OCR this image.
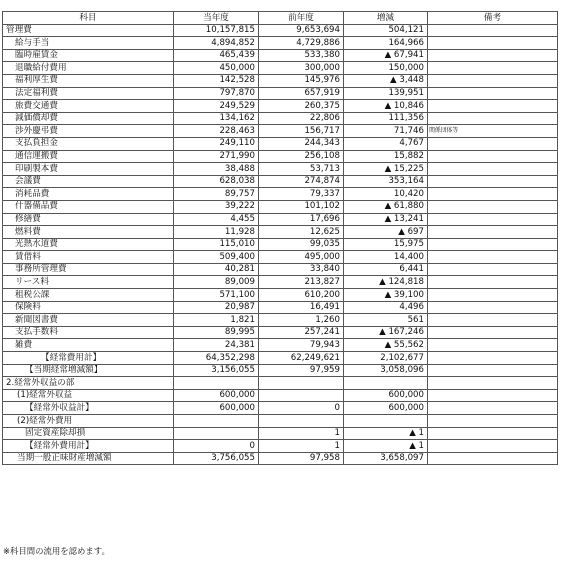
科目	当年度	前年度	増減	備考
管理費	10,157,815	9,653,694	504,121	
給与手当	4,894,852	4,729,886	164,966	
臨時雇賃金	465,439	533,380	▲ 67,941	
退職給付費用	450,000	300,000	150,000	
福利厚生費	142,528	145,976	▲ 3,448	
法定福利費	797,870	657,919	139,951	
旅費交通費	249,529	260,375	▲ 10,846	
減価償却費	134,162	22,806	111,356	
渉外慶弔費	228,463	156,717	71,746	関係団体等
支払負担金	249,110	244,343	4,767	
通信運搬費	271,990	256,108	15,882	
印刷製本費	38,488	53,713	▲ 15,225	
会議費	628,038	274,874	353,164	
消耗品費	89,757	79,337	10,420	
什器備品費	39,222	101,102	▲ 61,880	
修繕費	4,455	17,696	▲ 13,241	
燃料費	11,928	12,625	▲ 697	
光熱水道費	115,010	99,035	15,975	
賃借料	509,400	495,000	14,400	
事務所管理費	40,281	33,840	6,441	
リース料	89,009	213,827	▲ 124,818	
租税公課	571,100	610,200	▲ 39,100	
保険料	20,987	16,491	4,496	
新聞図書費	1,821	1,260	561	
支払手数料	89,995	257,241	▲ 167,246	
雑費	24,381	79,943	▲ 55,562	
【経常費用計】	64,352,298	62,249,621	2,102,677	
【当期経常増減額】	3,156,055	97,959	3,058,096	
2.経常外収益の部				
(1)経常外収益	600,000		600,000	
【経常外収益計】	600,000	0	600,000	
(2)経常外費用				
固定資産除却損		1	▲ 1	
【経常外費用計】	0	1	▲ 1	
当期一般正味財産増減額	3,756,055	97,958	3,658,097	
※科目間の流用を認めます。
